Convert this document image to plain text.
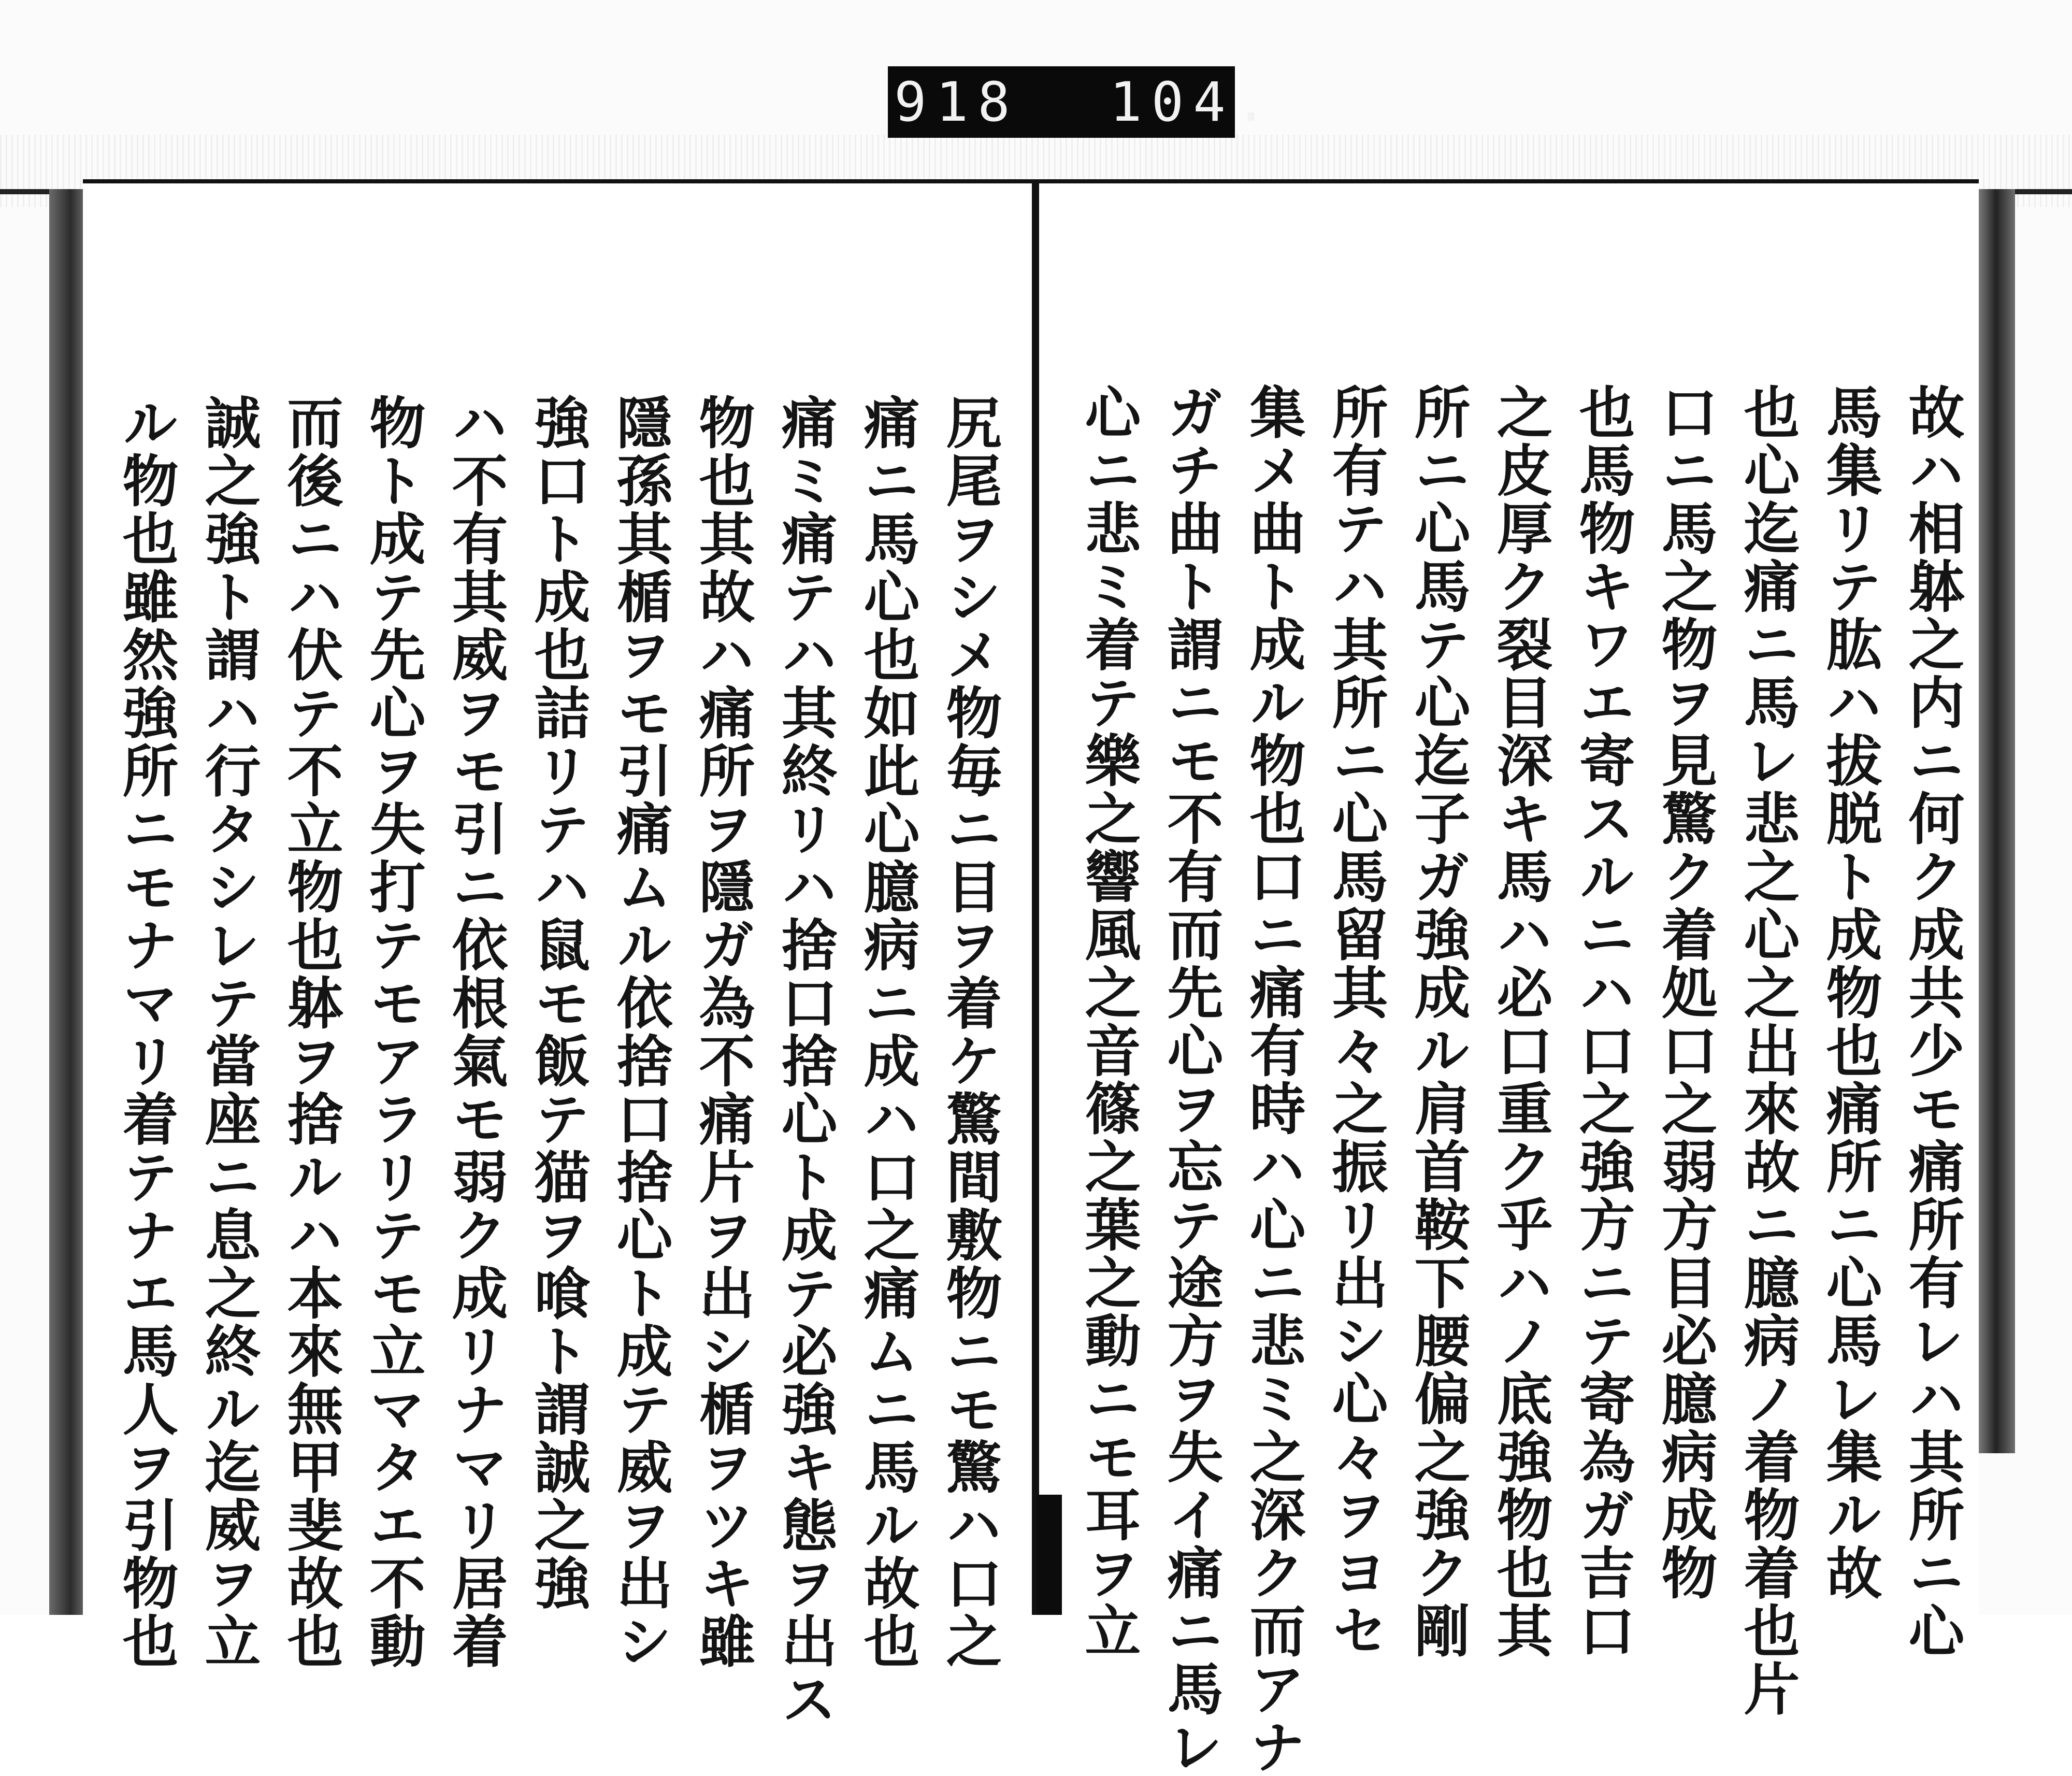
918 104.

故ハ相躰之内ニ何ク成共少モ痛所有レハ其所ニ心

馬集リテ肱ハ拔脱ト成物也痛所ニ心馬レ集ル故

也心迄痛ニ馬レ悲之心之出來故ニ臆病ノ着物着也片

口ニ馬之物ヲ見驚ク着処口之弱方目必臆病成物

也馬物キワエ寄スルニハ口之強方ニテ寄為ガ吉口

之皮厚ク裂目深キ馬ハ必口重ク乎ハノ底強物也其

所ニ心馬テ心迄子ガ強成ル肩首鞍下腰偏之強ク剛

所有テハ其所ニ心馬留其々之振リ出シ心々ヲヨセ

集メ曲ト成ル物也口ニ痛有時ハ心ニ悲ミ之深ク而アナ

ガチ曲ト謂ニモ不有而先心ヲ忘テ途方ヲ失イ痛ニ馬レ

心ニ悲ミ着テ樂之響風之音篠之葉之動ニモ耳ヲ立

尻尾ヲシメ物毎ニ目ヲ着ケ驚間敷物ニモ驚ハ口之

痛ニ馬心也如此心臆病ニ成ハ口之痛ムニ馬ル故也

痛ミ痛テハ其終リハ捨口捨心ト成テ必強キ態ヲ出ス

物也其故ハ痛所ヲ隱ガ為不痛片ヲ出シ楯ヲツキ雖

隱孫其楯ヲモ引痛ムル依捨口捨心ト成テ威ヲ出シ

強口ト成也詰リテハ鼠モ飯テ猫ヲ喰ト謂誠之強

ハ不有其威ヲモ引ニ依根氣モ弱ク成リナマリ居着

物ト成テ先心ヲ失打テモアラリテモ立マタエ不動

而後ニハ伏テ不立物也躰ヲ捨ルハ本來無甲斐故也

誠之強ト謂ハ行タシレテ當座ニ息之終ル迄威ヲ立

ル物也雖然強所ニモナマリ着テナエ馬人ヲ引物也
